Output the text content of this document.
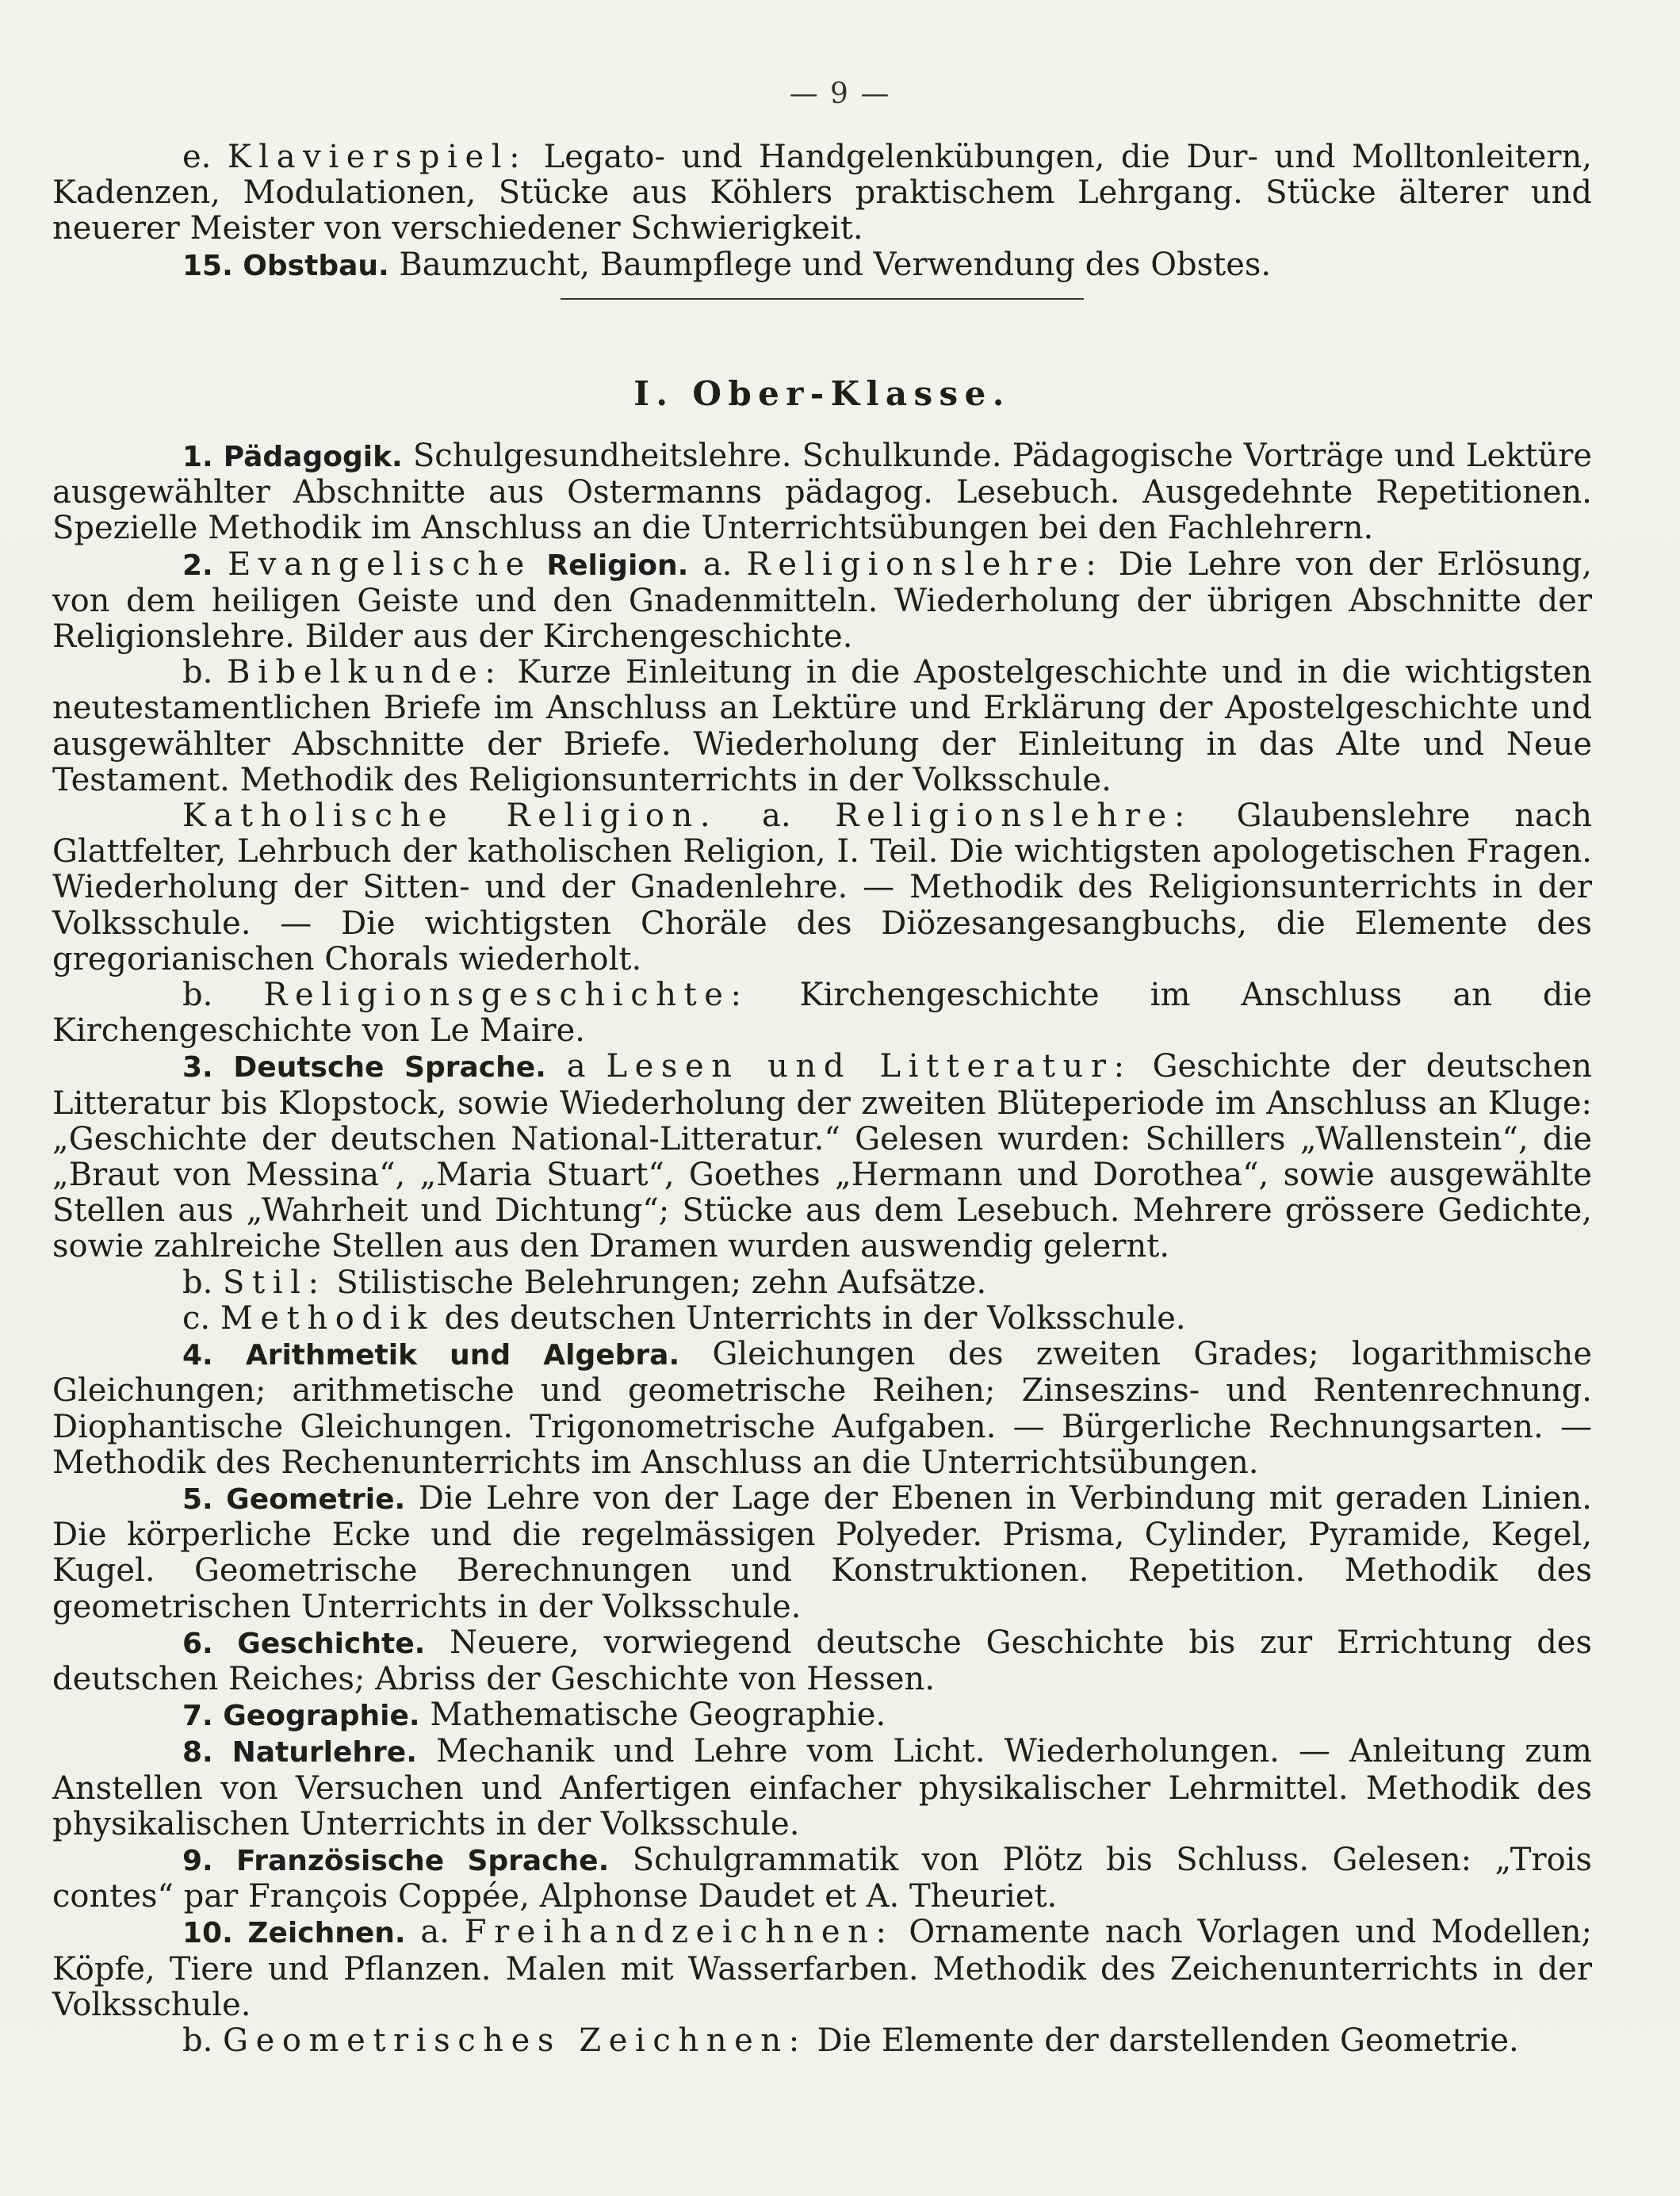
— 9 —

e. Klavierspiel: Legato- und Handgelenkübungen, die Dur- und Molltonleitern, Kadenzen, Modulationen, Stücke aus Köhlers praktischem Lehrgang. Stücke älterer und neuerer Meister von verschiedener Schwierigkeit.

15. Obstbau. Baumzucht, Baumpflege und Verwendung des Obstes.

I. Ober-Klasse.

1. Pädagogik. Schulgesundheitslehre. Schulkunde. Pädagogische Vorträge und Lektüre ausgewählter Abschnitte aus Ostermanns pädagog. Lesebuch. Ausgedehnte Repetitionen. Spezielle Methodik im Anschluss an die Unterrichtsübungen bei den Fachlehrern.

2. Evangelische Religion. a. Religionslehre: Die Lehre von der Erlösung, von dem heiligen Geiste und den Gnadenmitteln. Wiederholung der übrigen Abschnitte der Religionslehre. Bilder aus der Kirchengeschichte.

b. Bibelkunde: Kurze Einleitung in die Apostelgeschichte und in die wichtigsten neutestamentlichen Briefe im Anschluss an Lektüre und Erklärung der Apostelgeschichte und ausgewählter Abschnitte der Briefe. Wiederholung der Einleitung in das Alte und Neue Testament. Methodik des Religionsunterrichts in der Volksschule.

Katholische Religion. a. Religionslehre: Glaubenslehre nach Glattfelter, Lehrbuch der katholischen Religion, I. Teil. Die wichtigsten apologetischen Fragen. Wiederholung der Sitten- und der Gnadenlehre. — Methodik des Religionsunterrichts in der Volksschule. — Die wichtigsten Choräle des Diözesangesangbuchs, die Elemente des gregorianischen Chorals wiederholt.

b. Religionsgeschichte: Kirchengeschichte im Anschluss an die Kirchengeschichte von Le Maire.

3. Deutsche Sprache. a Lesen und Litteratur: Geschichte der deutschen Litteratur bis Klopstock, sowie Wiederholung der zweiten Blüteperiode im Anschluss an Kluge: „Geschichte der deutschen National-Litteratur.“ Gelesen wurden: Schillers „Wallenstein“, die „Braut von Messina“, „Maria Stuart“, Goethes „Hermann und Dorothea“, sowie ausgewählte Stellen aus „Wahrheit und Dichtung“; Stücke aus dem Lesebuch. Mehrere grössere Gedichte, sowie zahlreiche Stellen aus den Dramen wurden auswendig gelernt.

b. Stil: Stilistische Belehrungen; zehn Aufsätze.

c. Methodik des deutschen Unterrichts in der Volksschule.

4. Arithmetik und Algebra. Gleichungen des zweiten Grades; logarithmische Gleichungen; arithmetische und geometrische Reihen; Zinseszins- und Rentenrechnung. Diophantische Gleichungen. Trigonometrische Aufgaben. — Bürgerliche Rechnungsarten. — Methodik des Rechenunterrichts im Anschluss an die Unterrichtsübungen.

5. Geometrie. Die Lehre von der Lage der Ebenen in Verbindung mit geraden Linien. Die körperliche Ecke und die regelmässigen Polyeder. Prisma, Cylinder, Pyramide, Kegel, Kugel. Geometrische Berechnungen und Konstruktionen. Repetition. Methodik des geometrischen Unterrichts in der Volksschule.

6. Geschichte. Neuere, vorwiegend deutsche Geschichte bis zur Errichtung des deutschen Reiches; Abriss der Geschichte von Hessen.

7. Geographie. Mathematische Geographie.

8. Naturlehre. Mechanik und Lehre vom Licht. Wiederholungen. — Anleitung zum Anstellen von Versuchen und Anfertigen einfacher physikalischer Lehrmittel. Methodik des physikalischen Unterrichts in der Volksschule.

9. Französische Sprache. Schulgrammatik von Plötz bis Schluss. Gelesen: „Trois contes“ par François Coppée, Alphonse Daudet et A. Theuriet.

10. Zeichnen. a. Freihandzeichnen: Ornamente nach Vorlagen und Modellen; Köpfe, Tiere und Pflanzen. Malen mit Wasserfarben. Methodik des Zeichenunterrichts in der Volksschule.

b. Geometrisches Zeichnen: Die Elemente der darstellenden Geometrie.
